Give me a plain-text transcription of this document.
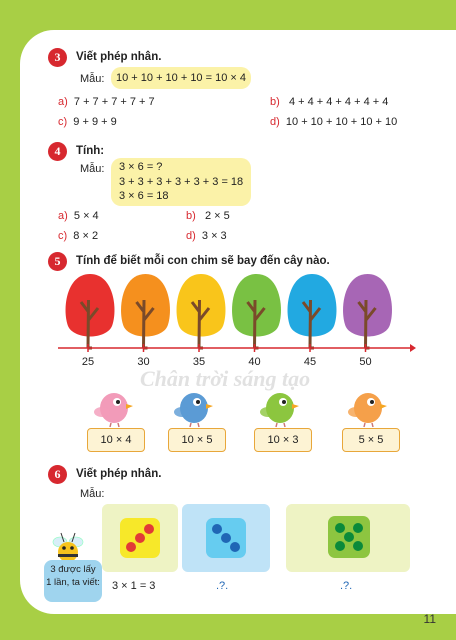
Chân trời sáng tạo
3	Viết phép nhân.
Mẫu:	10 + 10 + 10 + 10 = 10 × 4
a) 7 + 7 + 7 + 7 + 7	b) 4 + 4 + 4 + 4 + 4 + 4
c) 9 + 9 + 9	d) 10 + 10 + 10 + 10 + 10
4	Tính:
Mẫu: 3 × 6 = ?
3 + 3 + 3 + 3 + 3 + 3 = 18
3 × 6 = 18
a) 5 × 4	b) 2 × 5
c) 8 × 2	d) 3 × 3
5	Tính để biết mỗi con chim sẽ bay đến cây nào.
25	30	35	40	45	50
10 × 4	10 × 5	10 × 3	5 × 5
6	Viết phép nhân.
Mẫu:
3 được lấy
1 lần, ta viết: 3 × 1 = 3	.?.	.?.
11
